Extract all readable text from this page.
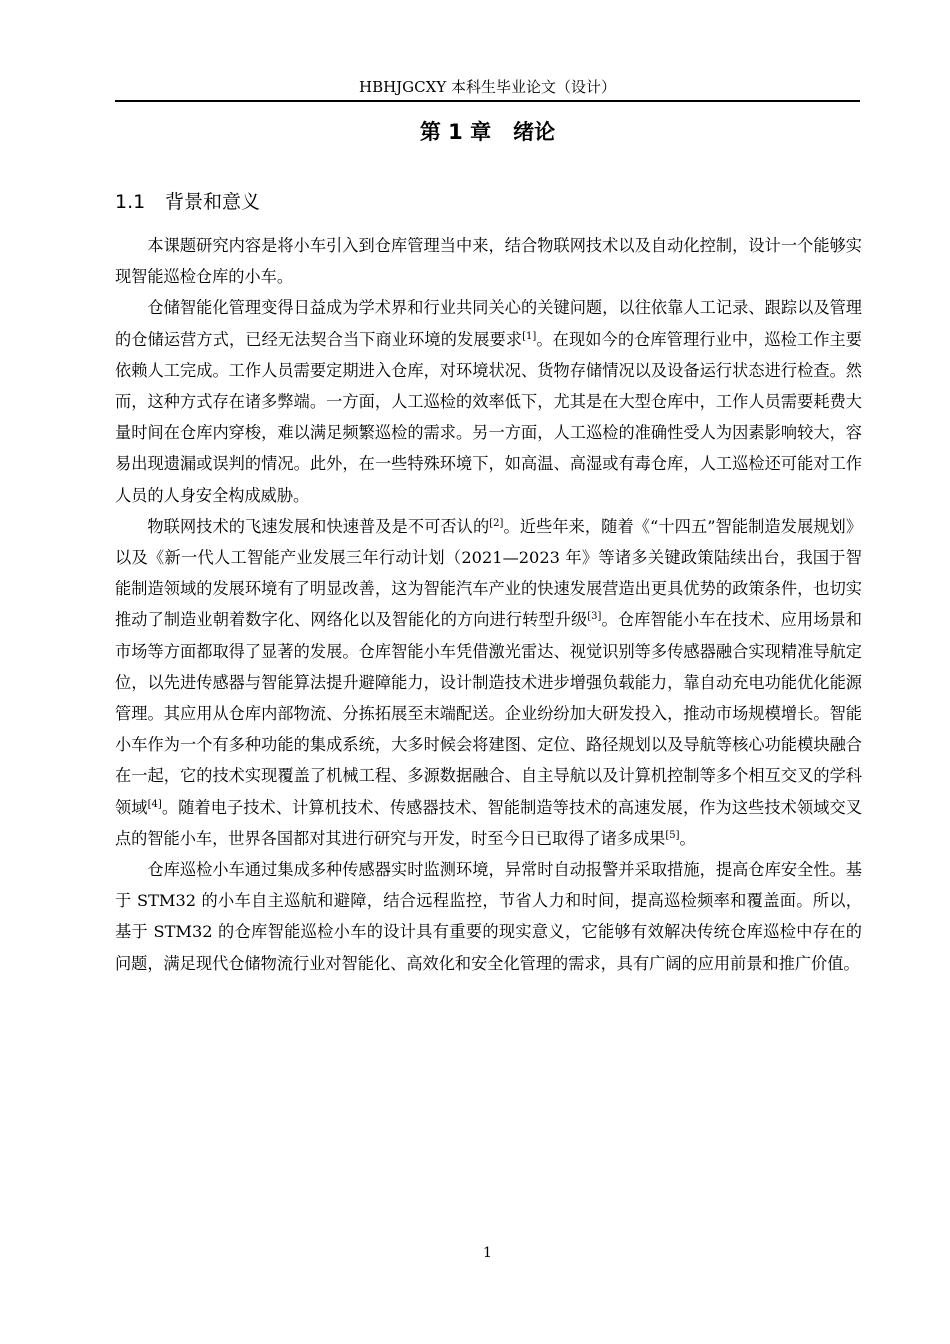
HBHJGCXY 本科生毕业论文（设计）
第 1 章 绪论
1.1 背景和意义

本课题研究内容是将小车引入到仓库管理当中来，结合物联网技术以及自动化控制，设计一个能够实现智能巡检仓库的小车。

仓储智能化管理变得日益成为学术界和行业共同关心的关键问题，以往依靠人工记录、跟踪以及管理的仓储运营方式，已经无法契合当下商业环境的发展要求[1]。在现如今的仓库管理行业中，巡检工作主要依赖人工完成。工作人员需要定期进入仓库，对环境状况、货物存储情况以及设备运行状态进行检查。然而，这种方式存在诸多弊端。一方面，人工巡检的效率低下，尤其是在大型仓库中，工作人员需要耗费大量时间在仓库内穿梭，难以满足频繁巡检的需求。另一方面，人工巡检的准确性受人为因素影响较大，容易出现遗漏或误判的情况。此外，在一些特殊环境下，如高温、高湿或有毒仓库，人工巡检还可能对工作人员的人身安全构成威胁。

物联网技术的飞速发展和快速普及是不可否认的[2]。近些年来，随着《“十四五”智能制造发展规划》以及《新一代人工智能产业发展三年行动计划（2021—2023 年》等诸多关键政策陆续出台，我国于智能制造领域的发展环境有了明显改善，这为智能汽车产业的快速发展营造出更具优势的政策条件，也切实推动了制造业朝着数字化、网络化以及智能化的方向进行转型升级[3]。仓库智能小车在技术、应用场景和市场等方面都取得了显著的发展。仓库智能小车凭借激光雷达、视觉识别等多传感器融合实现精准导航定位，以先进传感器与智能算法提升避障能力，设计制造技术进步增强负载能力，靠自动充电功能优化能源管理。其应用从仓库内部物流、分拣拓展至末端配送。企业纷纷加大研发投入，推动市场规模增长。智能小车作为一个有多种功能的集成系统，大多时候会将建图、定位、路径规划以及导航等核心功能模块融合在一起，它的技术实现覆盖了机械工程、多源数据融合、自主导航以及计算机控制等多个相互交叉的学科领域[4]。随着电子技术、计算机技术、传感器技术、智能制造等技术的高速发展，作为这些技术领域交叉点的智能小车，世界各国都对其进行研究与开发，时至今日已取得了诸多成果[5]。

仓库巡检小车通过集成多种传感器实时监测环境，异常时自动报警并采取措施，提高仓库安全性。基于 STM32 的小车自主巡航和避障，结合远程监控，节省人力和时间，提高巡检频率和覆盖面。所以，基于 STM32 的仓库智能巡检小车的设计具有重要的现实意义，它能够有效解决传统仓库巡检中存在的问题，满足现代仓储物流行业对智能化、高效化和安全化管理的需求，具有广阔的应用前景和推广价值。

1
